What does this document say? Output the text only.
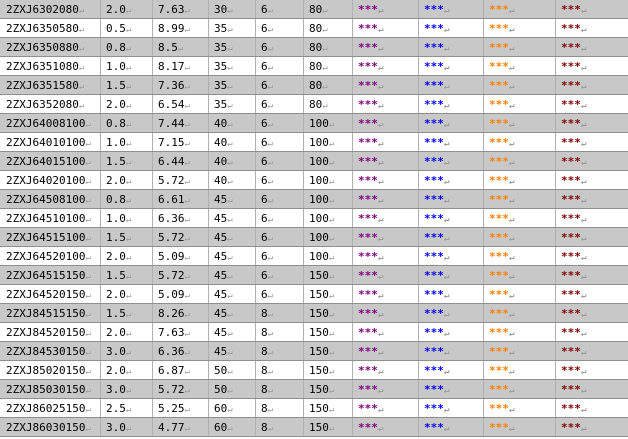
2ZXJ6302080↵ 2.0↵ 7.63↵ 30↵	6↵	80↵	***↵	***↵	***↵	***↵
2ZXJ6350580↵ 0.5↵ 8.99↵ 35↵	6↵	80↵	***↵	***↵	***↵	***↵
2ZXJ6350880↵ 0.8↵ 8.5↵	35↵	6↵	80↵	***↵	***↵	***↵	***↵
2ZXJ6351080↵ 1.0↵ 8.17↵ 35↵	6↵	80↵	***↵	***↵	***↵	***↵
2ZXJ6351580↵ 1.5↵ 7.36↵ 35↵	6↵	80↵	***↵	***↵	***↵	***↵
2ZXJ6352080↵ 2.0↵ 6.54↵ 35↵	6↵	80↵	***↵	***↵	***↵	***↵
2ZXJ64008100↵ 0.8↵ 7.44↵ 40↵	6↵	100↵ ***↵	***↵	***↵	***↵
2ZXJ64010100↵ 1.0↵ 7.15↵ 40↵	6↵	100↵ ***↵	***↵	***↵	***↵
2ZXJ64015100↵ 1.5↵ 6.44↵ 40↵	6↵	100↵ ***↵	***↵	***↵	***↵
2ZXJ64020100↵ 2.0↵ 5.72↵ 40↵	6↵	100↵ ***↵	***↵	***↵	***↵
2ZXJ64508100↵ 0.8↵ 6.61↵ 45↵	6↵	100↵ ***↵	***↵	***↵	***↵
2ZXJ64510100↵ 1.0↵ 6.36↵ 45↵	6↵	100↵ ***↵	***↵	***↵	***↵
2ZXJ64515100↵ 1.5↵ 5.72↵ 45↵	6↵	100↵ ***↵	***↵	***↵	***↵
2ZXJ64520100↵ 2.0↵ 5.09↵ 45↵	6↵	100↵ ***↵	***↵	***↵	***↵
2ZXJ64515150↵ 1.5↵ 5.72↵ 45↵	6↵	150↵ ***↵	***↵	***↵	***↵
2ZXJ64520150↵ 2.0↵ 5.09↵ 45↵	6↵	150↵ ***↵	***↵	***↵	***↵
2ZXJ84515150↵ 1.5↵ 8.26↵ 45↵	8↵	150↵ ***↵	***↵	***↵	***↵
2ZXJ84520150↵ 2.0↵ 7.63↵ 45↵	8↵	150↵ ***↵	***↵	***↵	***↵
2ZXJ84530150↵ 3.0↵ 6.36↵ 45↵	8↵	150↵ ***↵	***↵	***↵	***↵
2ZXJ85020150↵ 2.0↵ 6.87↵ 50↵	8↵	150↵ ***↵	***↵	***↵	***↵
2ZXJ85030150↵ 3.0↵ 5.72↵ 50↵	8↵	150↵ ***↵	***↵	***↵	***↵
2ZXJ86025150↵ 2.5↵ 5.25↵ 60↵	8↵	150↵ ***↵	***↵	***↵	***↵
2ZXJ86030150↵ 3.0↵ 4.77↵ 60↵	8↵	150↵ ***↵	***↵	***↵	***↵
